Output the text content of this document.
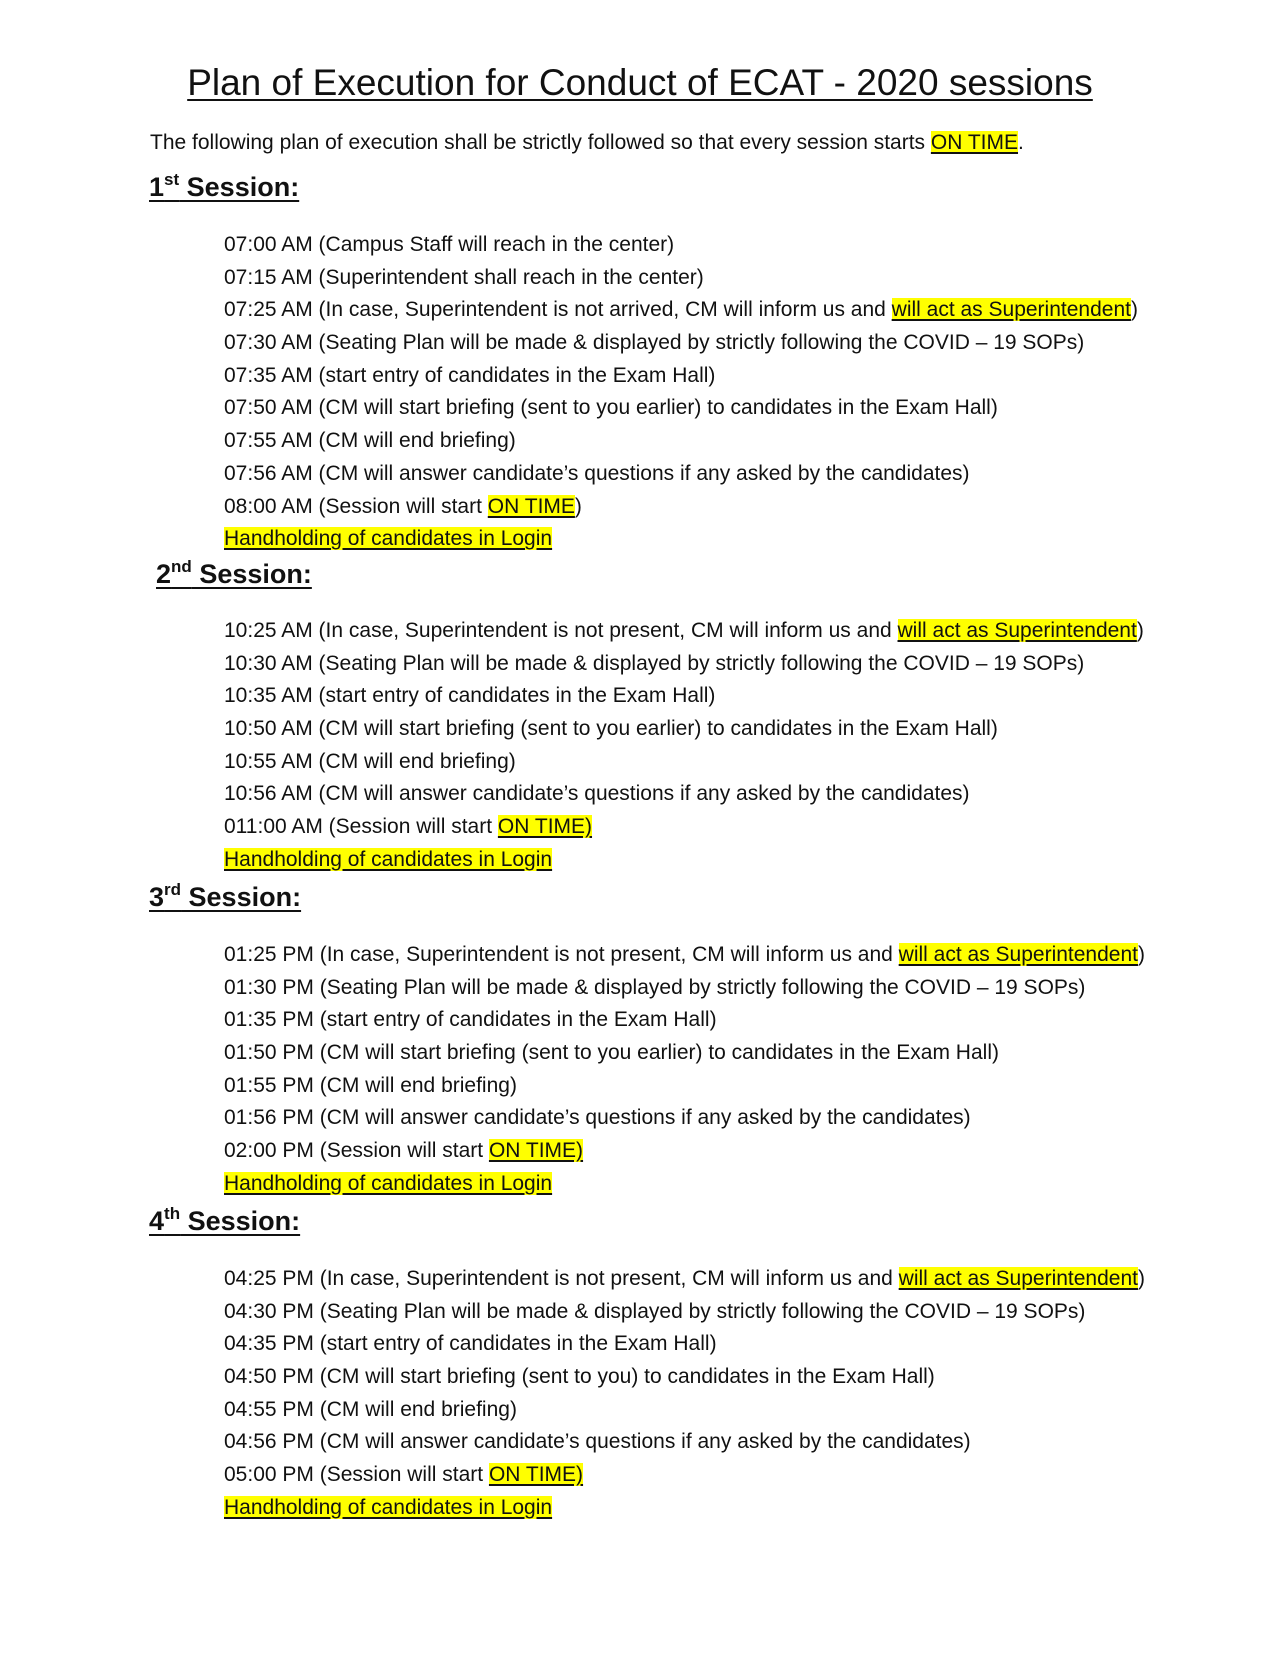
Plan of Execution for Conduct of ECAT - 2020 sessions
The following plan of execution shall be strictly followed so that every session starts ON TIME.
1st Session:
07:00 AM (Campus Staff will reach in the center)
07:15 AM (Superintendent shall reach in the center)
07:25 AM (In case, Superintendent is not arrived, CM will inform us and will act as Superintendent)
07:30 AM (Seating Plan will be made & displayed by strictly following the COVID – 19 SOPs)
07:35 AM (start entry of candidates in the Exam Hall)
07:50 AM (CM will start briefing (sent to you earlier) to candidates in the Exam Hall)
07:55 AM (CM will end briefing)
07:56 AM (CM will answer candidate’s questions if any asked by the candidates)
08:00 AM (Session will start ON TIME)
Handholding of candidates in Login
2nd Session:
10:25 AM (In case, Superintendent is not present, CM will inform us and will act as Superintendent)
10:30 AM (Seating Plan will be made & displayed by strictly following the COVID – 19 SOPs)
10:35 AM (start entry of candidates in the Exam Hall)
10:50 AM (CM will start briefing (sent to you earlier) to candidates in the Exam Hall)
10:55 AM (CM will end briefing)
10:56 AM (CM will answer candidate’s questions if any asked by the candidates)
011:00 AM (Session will start ON TIME)
Handholding of candidates in Login
3rd Session:
01:25 PM (In case, Superintendent is not present, CM will inform us and will act as Superintendent)
01:30 PM (Seating Plan will be made & displayed by strictly following the COVID – 19 SOPs)
01:35 PM (start entry of candidates in the Exam Hall)
01:50 PM (CM will start briefing (sent to you earlier) to candidates in the Exam Hall)
01:55 PM (CM will end briefing)
01:56 PM (CM will answer candidate’s questions if any asked by the candidates)
02:00 PM (Session will start ON TIME)
Handholding of candidates in Login
4th Session:
04:25 PM (In case, Superintendent is not present, CM will inform us and will act as Superintendent)
04:30 PM (Seating Plan will be made & displayed by strictly following the COVID – 19 SOPs)
04:35 PM (start entry of candidates in the Exam Hall)
04:50 PM (CM will start briefing (sent to you) to candidates in the Exam Hall)
04:55 PM (CM will end briefing)
04:56 PM (CM will answer candidate’s questions if any asked by the candidates)
05:00 PM (Session will start ON TIME)
Handholding of candidates in Login
